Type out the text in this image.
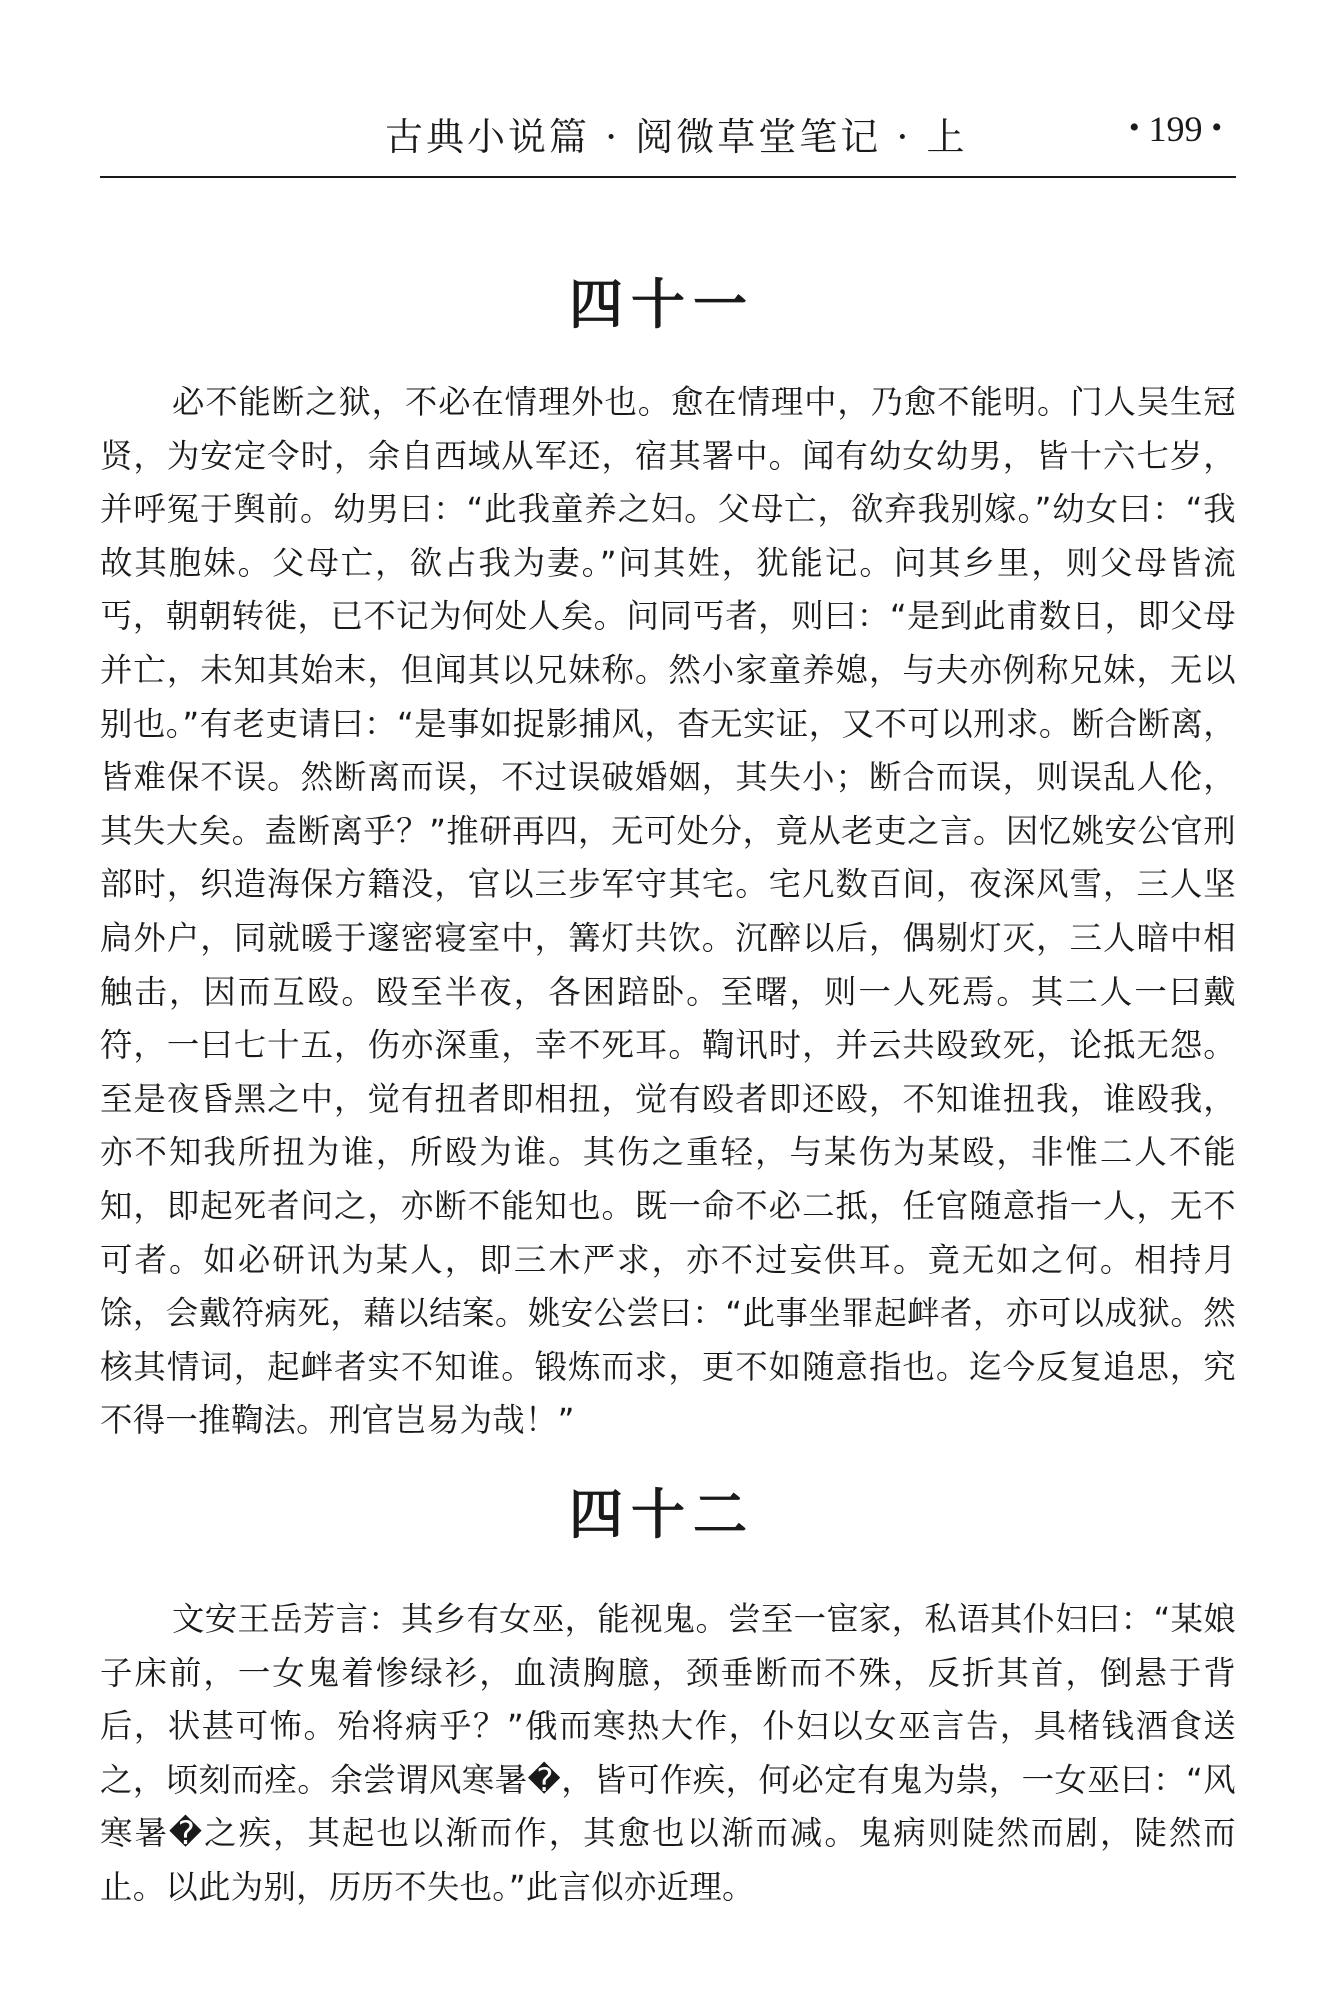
古典小说篇 · 阅微草堂笔记 · 上	• 199 •
四十一

必不能断之狱，不必在情理外也。愈在情理中，乃愈不能明。门人吴生冠贤，为安定令时，余自西域从军还，宿其署中。闻有幼女幼男，皆十六七岁，并呼冤于舆前。幼男曰：“此我童养之妇。父母亡，欲弃我别嫁。”幼女曰：“我故其胞妹。父母亡，欲占我为妻。”问其姓，犹能记。问其乡里，则父母皆流丐，朝朝转徙，已不记为何处人矣。问同丐者，则曰：“是到此甫数日，即父母并亡，未知其始末，但闻其以兄妹称。然小家童养媳，与夫亦例称兄妹，无以别也。”有老吏请曰：“是事如捉影捕风，杳无实证，又不可以刑求。断合断离，皆难保不误。然断离而误，不过误破婚姻，其失小；断合而误，则误乱人伦，其失大矣。盍断离乎？”推研再四，无可处分，竟从老吏之言。因忆姚安公官刑部时，织造海保方籍没，官以三步军守其宅。宅凡数百间，夜深风雪，三人坚扃外户，同就暖于邃密寝室中，篝灯共饮。沉醉以后，偶剔灯灭，三人暗中相触击，因而互殴。殴至半夜，各困踣卧。至曙，则一人死焉。其二人一曰戴符，一曰七十五，伤亦深重，幸不死耳。鞫讯时，并云共殴致死，论抵无怨。至是夜昏黑之中，觉有扭者即相扭，觉有殴者即还殴，不知谁扭我，谁殴我，亦不知我所扭为谁，所殴为谁。其伤之重轻，与某伤为某殴，非惟二人不能知，即起死者问之，亦断不能知也。既一命不必二抵，任官随意指一人，无不可者。如必研讯为某人，即三木严求，亦不过妄供耳。竟无如之何。相持月馀，会戴符病死，藉以结案。姚安公尝曰：“此事坐罪起衅者，亦可以成狱。然核其情词，起衅者实不知谁。锻炼而求，更不如随意指也。迄今反复追思，究不得一推鞫法。刑官岂易为哉！”

四十二

文安王岳芳言：其乡有女巫，能视鬼。尝至一宦家，私语其仆妇曰：“某娘子床前，一女鬼着惨绿衫，血渍胸臆，颈垂断而不殊，反折其首，倒悬于背后，状甚可怖。殆将病乎？”俄而寒热大作，仆妇以女巫言告，具楮钱酒食送之，顷刻而痊。余尝谓风寒暑�，皆可作疾，何必定有鬼为祟，一女巫曰：“风寒暑�之疾，其起也以渐而作，其愈也以渐而减。鬼病则陡然而剧，陡然而止。以此为别，历历不失也。”此言似亦近理。
